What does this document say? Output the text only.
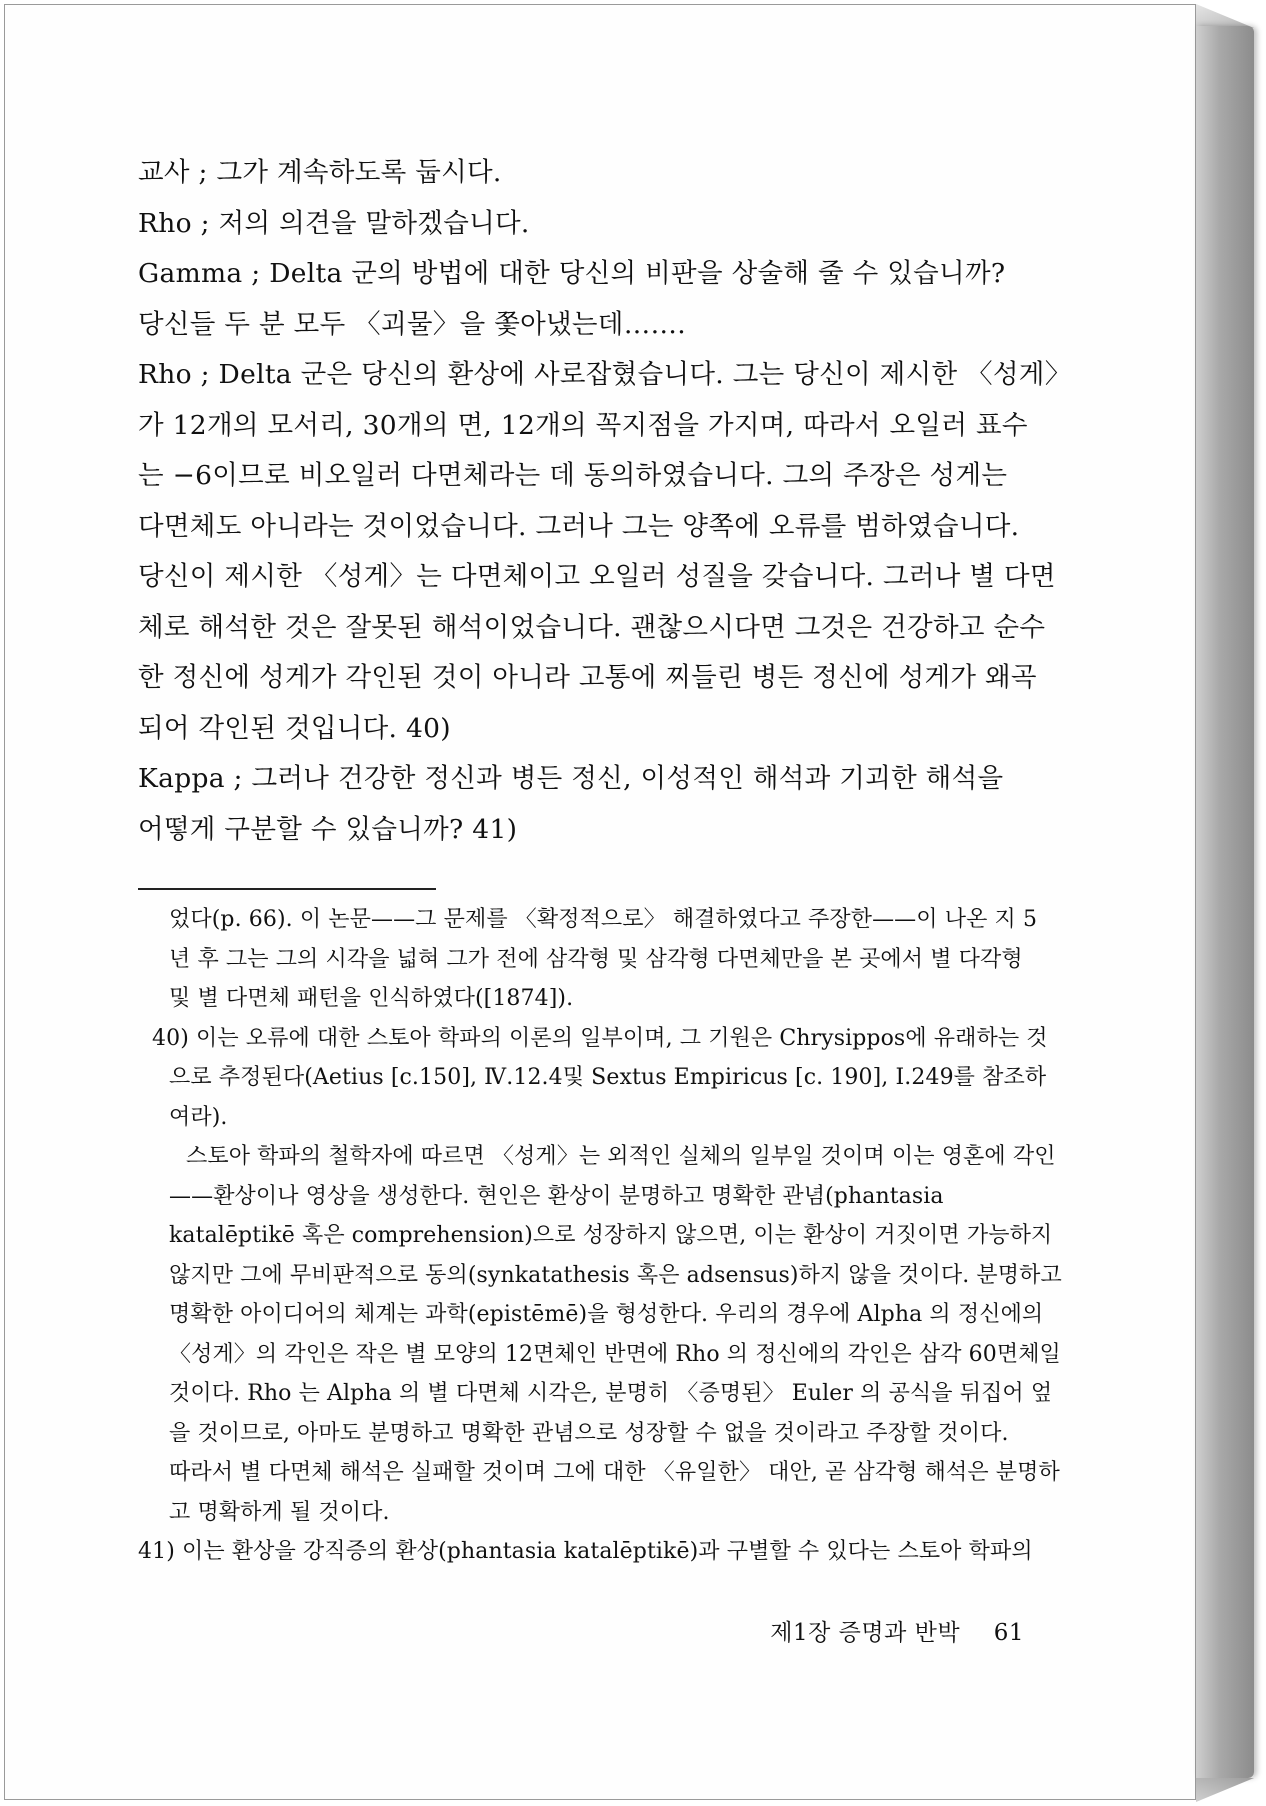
교사 ; 그가 계속하도록 둡시다.
Rho ; 저의 의견을 말하겠습니다.
Gamma ; Delta 군의 방법에 대한 당신의 비판을 상술해 줄 수 있습니까?
당신들 두 분 모두 〈괴물〉을 쫓아냈는데…….
Rho ; Delta 군은 당신의 환상에 사로잡혔습니다. 그는 당신이 제시한 〈성게〉
가 12개의 모서리, 30개의 면, 12개의 꼭지점을 가지며, 따라서 오일러 표수
는 −6이므로 비오일러 다면체라는 데 동의하였습니다. 그의 주장은 성게는
다면체도 아니라는 것이었습니다. 그러나 그는 양쪽에 오류를 범하였습니다.
당신이 제시한 〈성게〉는 다면체이고 오일러 성질을 갖습니다. 그러나 별 다면
체로 해석한 것은 잘못된 해석이었습니다. 괜찮으시다면 그것은 건강하고 순수
한 정신에 성게가 각인된 것이 아니라 고통에 찌들린 병든 정신에 성게가 왜곡
되어 각인된 것입니다. 40)
Kappa ; 그러나 건강한 정신과 병든 정신, 이성적인 해석과 기괴한 해석을
어떻게 구분할 수 있습니까? 41)
었다(p. 66). 이 논문——그 문제를 〈확정적으로〉 해결하였다고 주장한——이 나온 지 5
년 후 그는 그의 시각을 넓혀 그가 전에 삼각형 및 삼각형 다면체만을 본 곳에서 별 다각형
및 별 다면체 패턴을 인식하였다([1874]).
40) 이는 오류에 대한 스토아 학파의 이론의 일부이며, 그 기원은 Chrysippos에 유래하는 것
으로 추정된다(Aetius [c.150], Ⅳ.12.4및 Sextus Empiricus [c. 190], Ⅰ.249를 참조하
여라).
스토아 학파의 철학자에 따르면 〈성게〉는 외적인 실체의 일부일 것이며 이는 영혼에 각인
——환상이나 영상을 생성한다. 현인은 환상이 분명하고 명확한 관념(phantasia
katalēptikē 혹은 comprehension)으로 성장하지 않으면, 이는 환상이 거짓이면 가능하지
않지만 그에 무비판적으로 동의(synkatathesis 혹은 adsensus)하지 않을 것이다. 분명하고
명확한 아이디어의 체계는 과학(epistēmē)을 형성한다. 우리의 경우에 Alpha 의 정신에의
〈성게〉의 각인은 작은 별 모양의 12면체인 반면에 Rho 의 정신에의 각인은 삼각 60면체일
것이다. Rho 는 Alpha 의 별 다면체 시각은, 분명히 〈증명된〉 Euler 의 공식을 뒤집어 엎
을 것이므로, 아마도 분명하고 명확한 관념으로 성장할 수 없을 것이라고 주장할 것이다.
따라서 별 다면체 해석은 실패할 것이며 그에 대한 〈유일한〉 대안, 곧 삼각형 해석은 분명하
고 명확하게 될 것이다.
41) 이는 환상을 강직증의 환상(phantasia katalēptikē)과 구별할 수 있다는 스토아 학파의
제1장 증명과 반박 61
